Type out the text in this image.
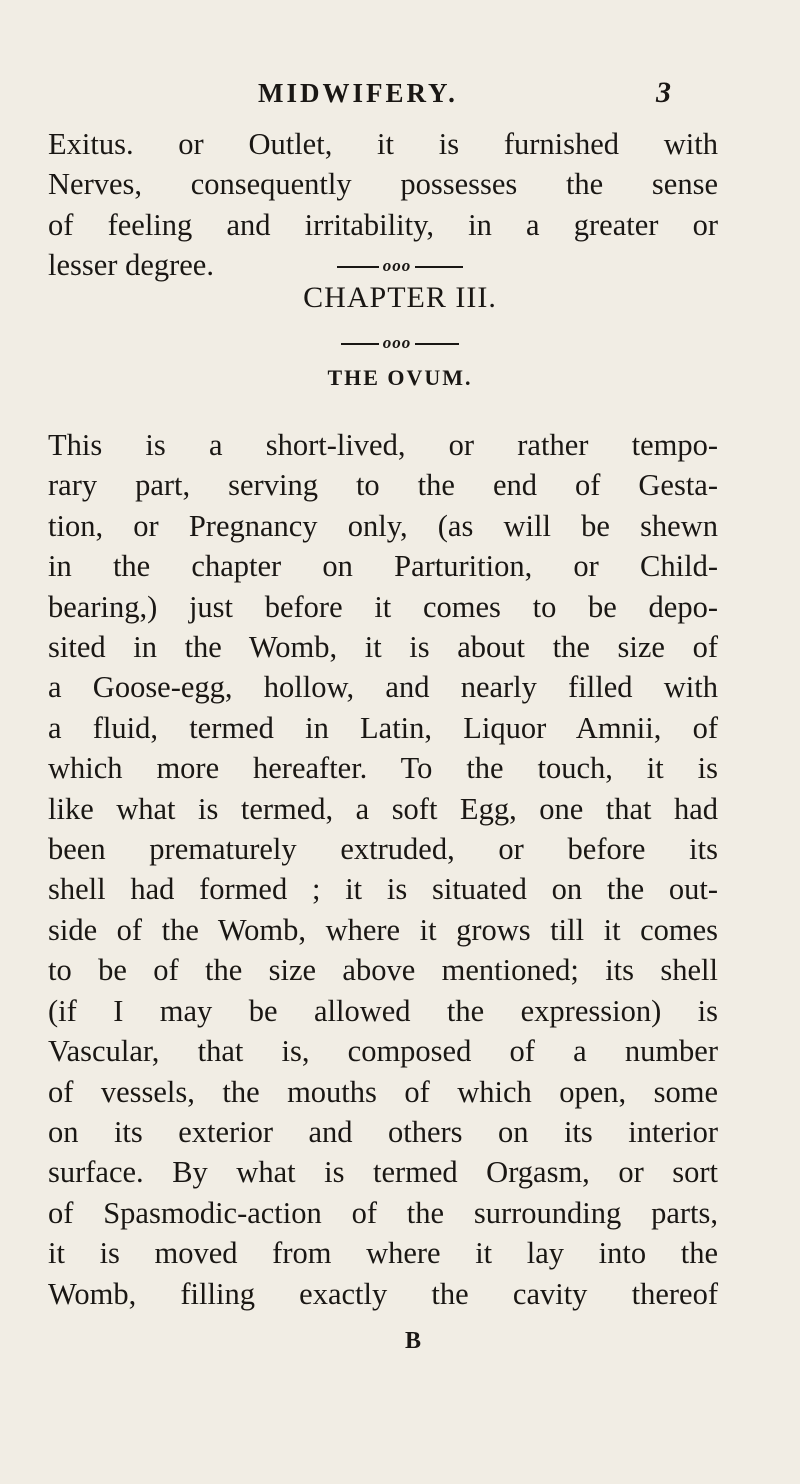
MIDWIFERY.	3
Exitus. or Outlet, it is furnished with
Nerves, consequently possesses the sense
of feeling and irritability, in a greater or
lesser degree.	ooo
CHAPTER III.
ooo
THE OVUM.
This is a short-lived, or rather tempo-
rary part, serving to the end of Gesta-
tion, or Pregnancy only, (as will be shewn
in the chapter on Parturition, or Child-
bearing,) just before it comes to be depo-
sited in the Womb, it is about the size of
a Goose-egg, hollow, and nearly filled with
a fluid, termed in Latin, Liquor Amnii, of
which more hereafter. To the touch, it is
like what is termed, a soft Egg, one that had
been prematurely extruded, or before its
shell had formed ; it is situated on the out-
side of the Womb, where it grows till it comes
to be of the size above mentioned; its shell
(if I may be allowed the expression) is
Vascular, that is, composed of a number
of vessels, the mouths of which open, some
on its exterior and others on its interior
surface. By what is termed Orgasm, or sort
of Spasmodic-action of the surrounding parts,
it is moved from where it lay into the
Womb, filling exactly the cavity thereof
B
